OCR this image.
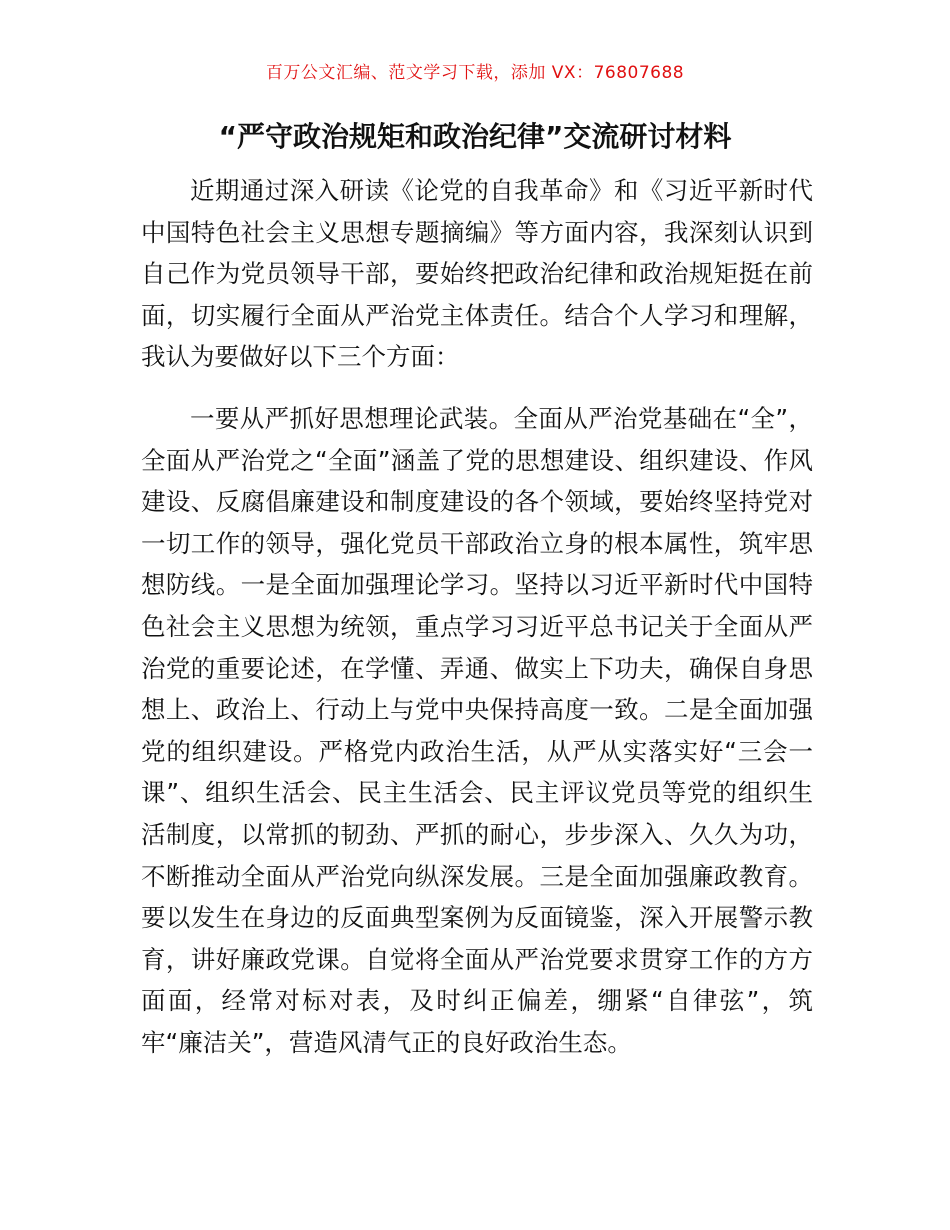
百万公文汇编、范文学习下载，添加 VX：76807688
“严守政治规矩和政治纪律”交流研讨材料

近期通过深入研读《论党的自我革命》和《习近平新时代中国特色社会主义思想专题摘编》等方面内容，我深刻认识到自己作为党员领导干部，要始终把政治纪律和政治规矩挺在前面，切实履行全面从严治党主体责任。结合个人学习和理解，我认为要做好以下三个方面：

一要从严抓好思想理论武装。全面从严治党基础在“全”，全面从严治党之“全面”涵盖了党的思想建设、组织建设、作风建设、反腐倡廉建设和制度建设的各个领域，要始终坚持党对一切工作的领导，强化党员干部政治立身的根本属性，筑牢思想防线。一是全面加强理论学习。坚持以习近平新时代中国特色社会主义思想为统领，重点学习习近平总书记关于全面从严治党的重要论述，在学懂、弄通、做实上下功夫，确保自身思想上、政治上、行动上与党中央保持高度一致。二是全面加强党的组织建设。严格党内政治生活，从严从实落实好“三会一课”、组织生活会、民主生活会、民主评议党员等党的组织生活制度，以常抓的韧劲、严抓的耐心，步步深入、久久为功，不断推动全面从严治党向纵深发展。三是全面加强廉政教育。要以发生在身边的反面典型案例为反面镜鉴，深入开展警示教育，讲好廉政党课。自觉将全面从严治党要求贯穿工作的方方面面，经常对标对表，及时纠正偏差，绷紧“自律弦”，筑牢“廉洁关”，营造风清气正的良好政治生态。
